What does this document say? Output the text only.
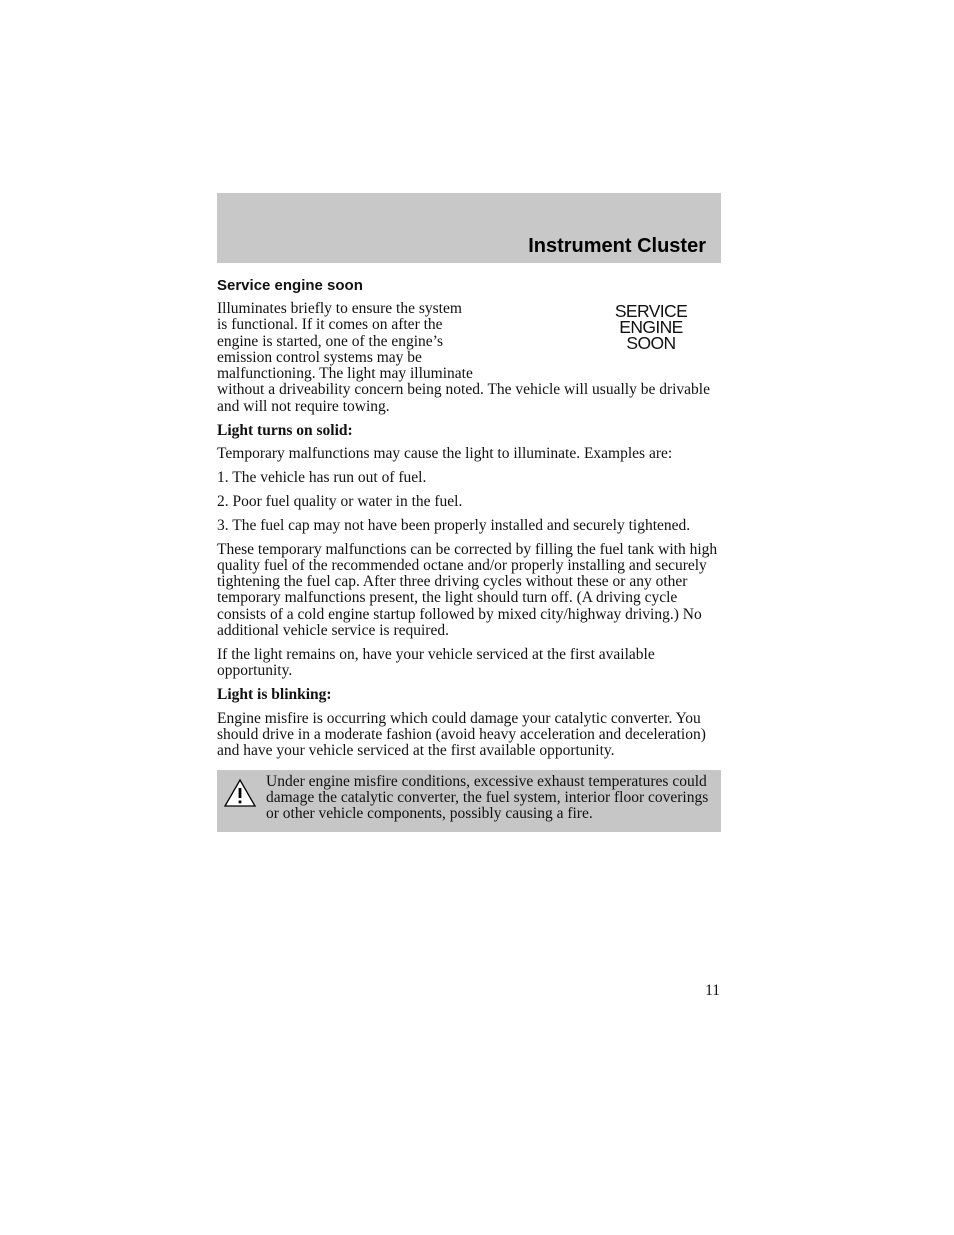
Instrument Cluster
Service engine soon
SERVICE
ENGINE
SOON

Illuminates briefly to ensure the system is functional. If it comes on after the engine is started, one of the engine’s emission control systems may be malfunctioning. The light may illuminate without a driveability concern being noted. The vehicle will usually be drivable and will not require towing.

Light turns on solid:

Temporary malfunctions may cause the light to illuminate. Examples are:

1. The vehicle has run out of fuel.

2. Poor fuel quality or water in the fuel.

3. The fuel cap may not have been properly installed and securely tightened.

These temporary malfunctions can be corrected by filling the fuel tank with high quality fuel of the recommended octane and/or properly installing and securely tightening the fuel cap. After three driving cycles without these or any other temporary malfunctions present, the light should turn off. (A driving cycle consists of a cold engine startup followed by mixed city/highway driving.) No additional vehicle service is required.

If the light remains on, have your vehicle serviced at the first available opportunity.

Light is blinking:

Engine misfire is occurring which could damage your catalytic converter. You should drive in a moderate fashion (avoid heavy acceleration and deceleration) and have your vehicle serviced at the first available opportunity.

Under engine misfire conditions, excessive exhaust temperatures could damage the catalytic converter, the fuel system, interior floor coverings or other vehicle components, possibly causing a fire.
11
